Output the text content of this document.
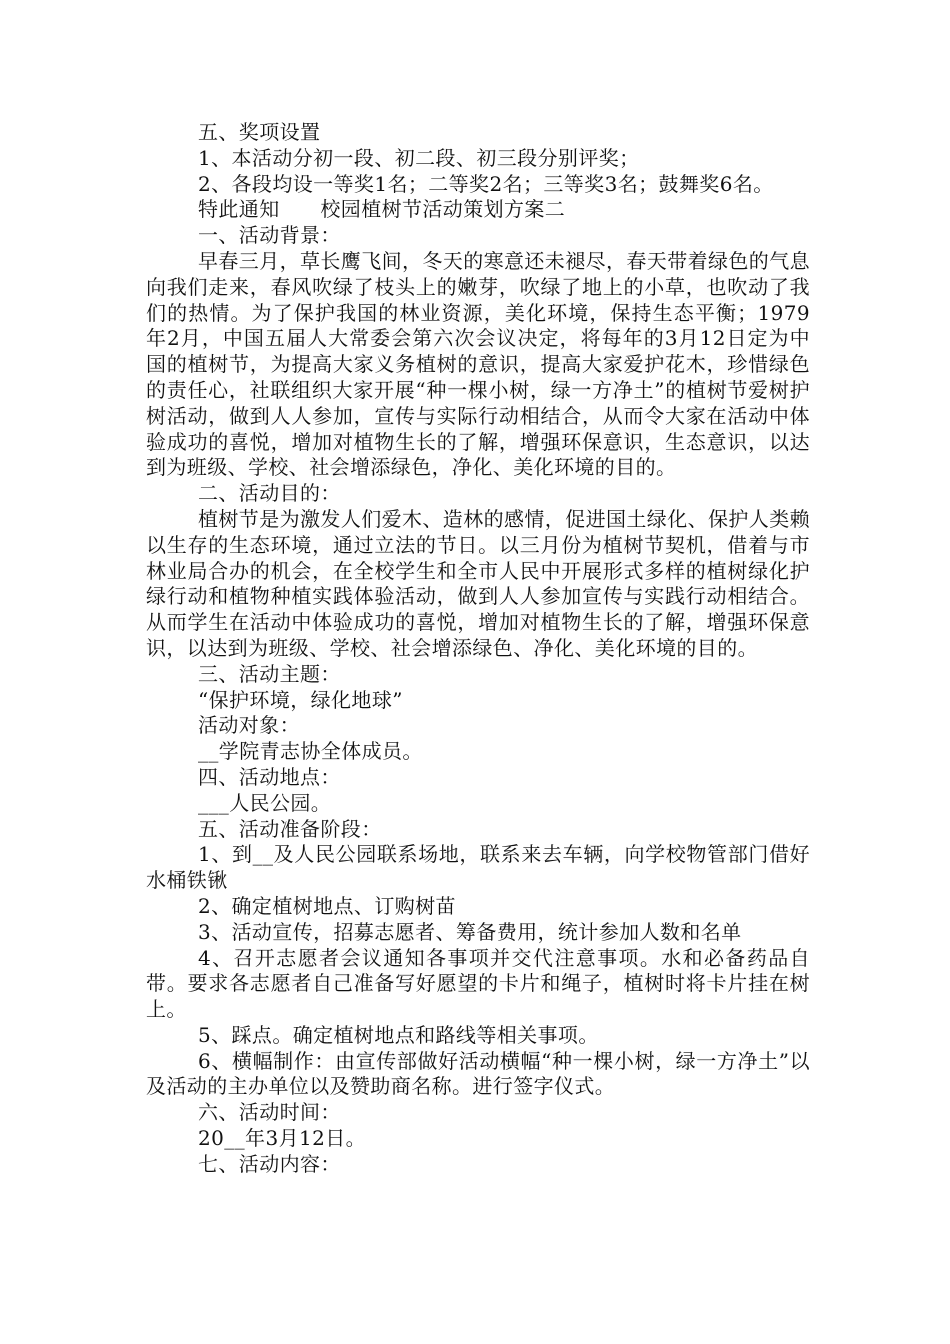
五、奖项设置

1、本活动分初一段、初二段、初三段分别评奖；

2、各段均设一等奖1名；二等奖2名；三等奖3名；鼓舞奖6名。

特此通知　　校园植树节活动策划方案二

一、活动背景：

早春三月，草长鹰飞间，冬天的寒意还未褪尽，春天带着绿色的气息向我们走来，春风吹绿了枝头上的嫩芽，吹绿了地上的小草，也吹动了我们的热情。为了保护我国的林业资源，美化环境，保持生态平衡；1979年2月，中国五届人大常委会第六次会议决定，将每年的3月12日定为中国的植树节，为提高大家义务植树的意识，提高大家爱护花木，珍惜绿色的责任心，社联组织大家开展“种一棵小树，绿一方净土”的植树节爱树护树活动，做到人人参加，宣传与实际行动相结合，从而令大家在活动中体验成功的喜悦，增加对植物生长的了解，增强环保意识，生态意识，以达到为班级、学校、社会增添绿色，净化、美化环境的目的。

二、活动目的：

植树节是为激发人们爱木、造林的感情，促进国土绿化、保护人类赖以生存的生态环境，通过立法的节日。以三月份为植树节契机，借着与市林业局合办的机会，在全校学生和全市人民中开展形式多样的植树绿化护绿行动和植物种植实践体验活动，做到人人参加宣传与实践行动相结合。从而学生在活动中体验成功的喜悦，增加对植物生长的了解，增强环保意识，以达到为班级、学校、社会增添绿色、净化、美化环境的目的。

三、活动主题：

“保护环境，绿化地球”

活动对象：

__学院青志协全体成员。

四、活动地点：

___人民公园。

五、活动准备阶段：

1、到__及人民公园联系场地，联系来去车辆，向学校物管部门借好水桶铁锹

2、确定植树地点、订购树苗

3、活动宣传，招募志愿者、筹备费用，统计参加人数和名单

4、召开志愿者会议通知各事项并交代注意事项。水和必备药品自带。要求各志愿者自己准备写好愿望的卡片和绳子，植树时将卡片挂在树上。

5、踩点。确定植树地点和路线等相关事项。

6、横幅制作：由宣传部做好活动横幅“种一棵小树，绿一方净土”以及活动的主办单位以及赞助商名称。进行签字仪式。

六、活动时间：

20__年3月12日。

七、活动内容：
